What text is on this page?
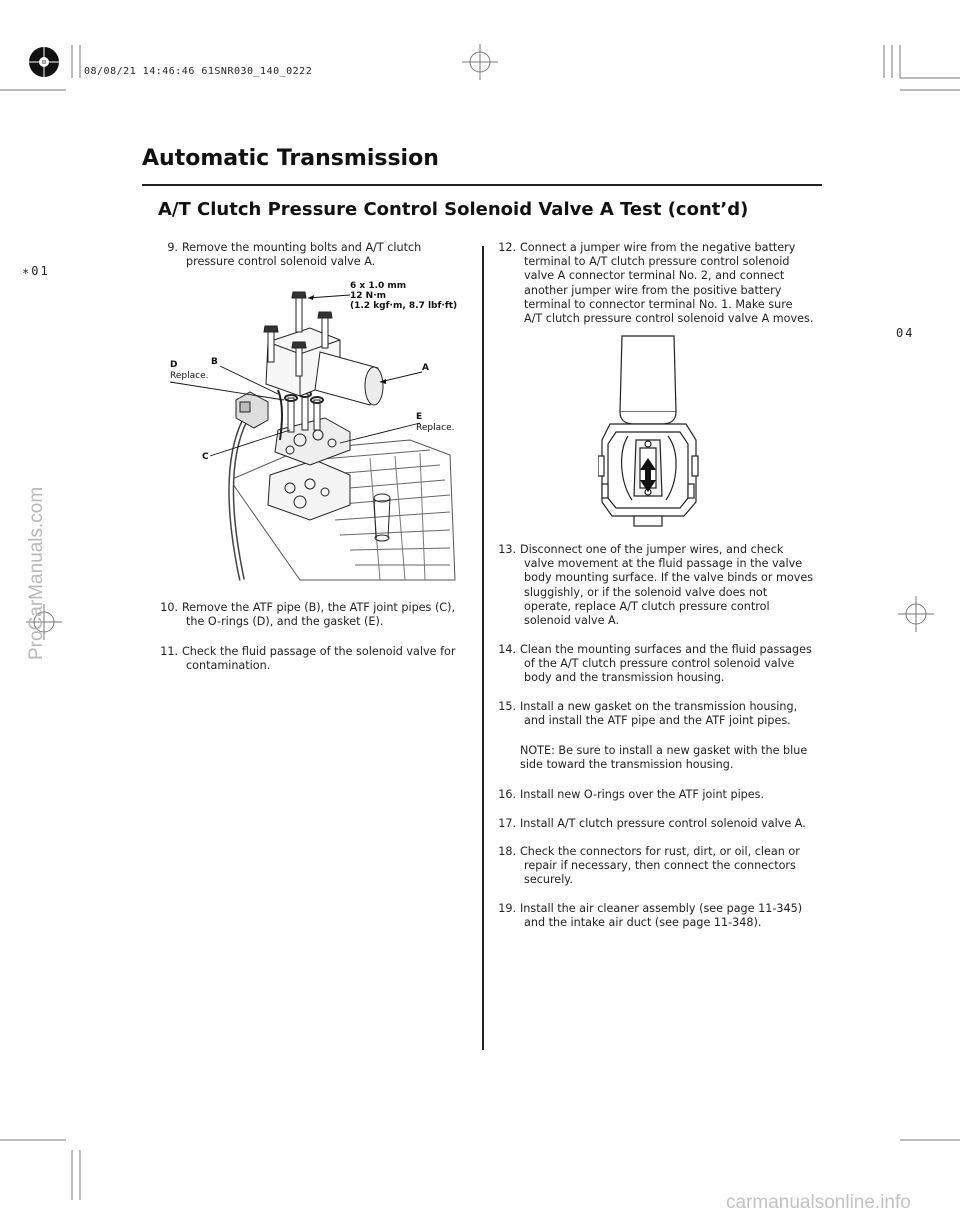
08/08/21 14:46:46 61SNR030_140_0222
Automatic Transmission
A/T Clutch Pressure Control Solenoid Valve A Test (cont’d)
∗01
04
9. Remove the mounting bolts and A/T clutch pressure control solenoid valve A.
6 x 1.0 mm
12 N·m
(1.2 kgf·m, 8.7 lbf·ft)
A
B
D
Replace.
E
Replace.
C
10. Remove the ATF pipe (B), the ATF joint pipes (C), the O-rings (D), and the gasket (E).
11. Check the fluid passage of the solenoid valve for contamination.
12. Connect a jumper wire from the negative battery terminal to A/T clutch pressure control solenoid valve A connector terminal No. 2, and connect another jumper wire from the positive battery terminal to connector terminal No. 1. Make sure A/T clutch pressure control solenoid valve A moves.
13. Disconnect one of the jumper wires, and check valve movement at the fluid passage in the valve body mounting surface. If the valve binds or moves sluggishly, or if the solenoid valve does not operate, replace A/T clutch pressure control solenoid valve A.
14. Clean the mounting surfaces and the fluid passages of the A/T clutch pressure control solenoid valve body and the transmission housing.
15. Install a new gasket on the transmission housing, and install the ATF pipe and the ATF joint pipes.
NOTE: Be sure to install a new gasket with the blue side toward the transmission housing.
16. Install new O-rings over the ATF joint pipes.
17. Install A/T clutch pressure control solenoid valve A.
18. Check the connectors for rust, dirt, or oil, clean or repair if necessary, then connect the connectors securely.
19. Install the air cleaner assembly (see page 11-345) and the intake air duct (see page 11-348).
ProCarManuals.com
carmanualsonline.info
